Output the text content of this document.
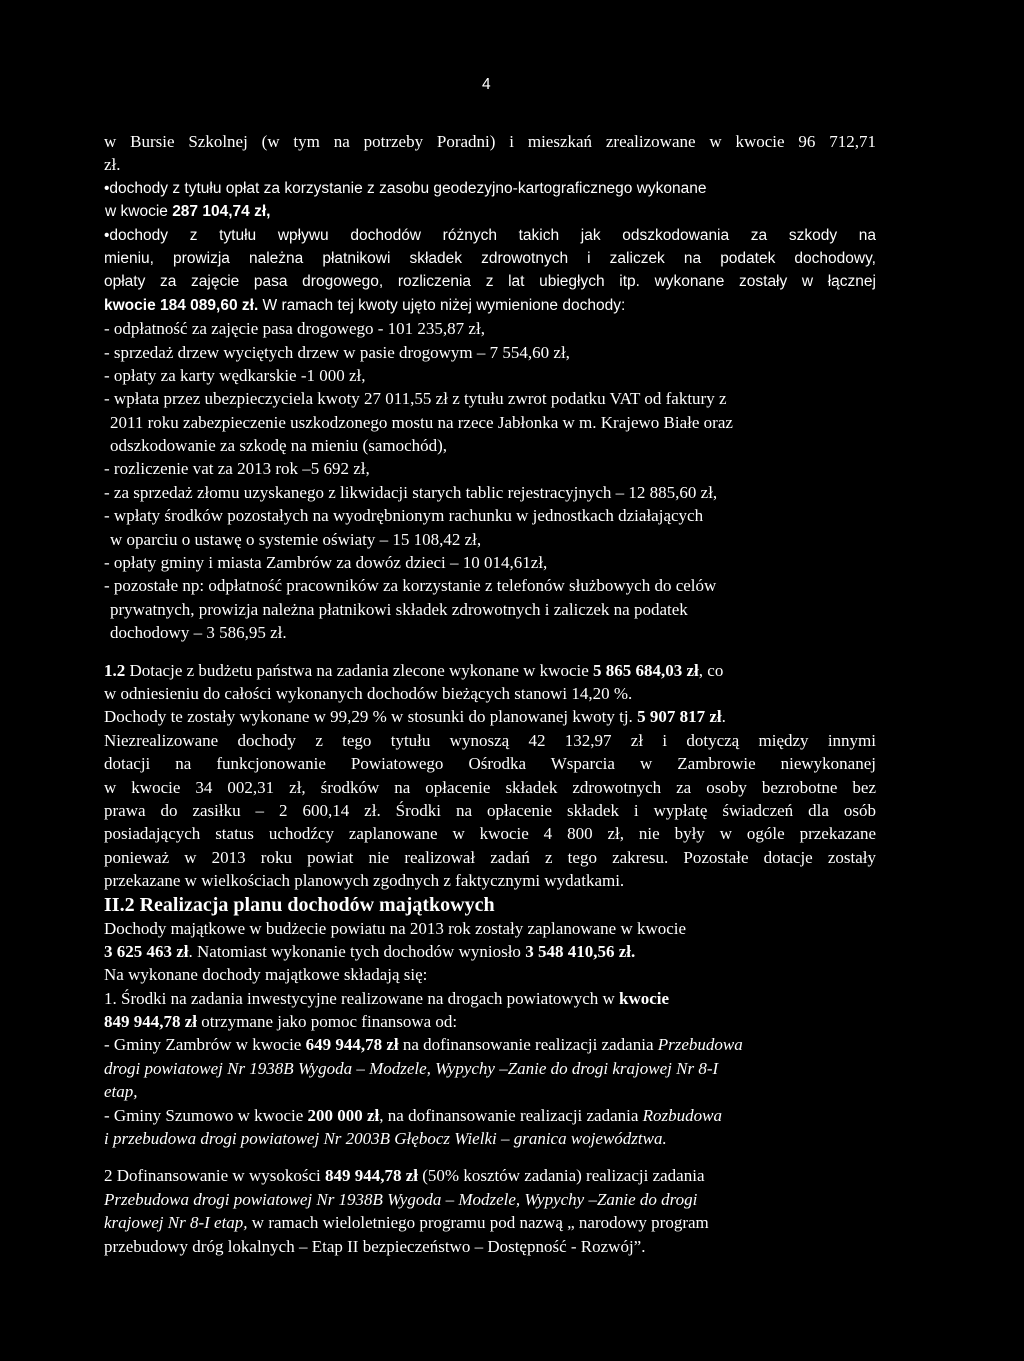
4
w Bursie Szkolnej (w tym na potrzeby Poradni) i mieszkań zrealizowane w kwocie 96 712,71
zł.
•dochody z tytułu opłat za korzystanie z zasobu geodezyjno-kartograficznego wykonane
w kwocie 287 104,74 zł,
•dochody z tytułu wpływu dochodów różnych takich jak odszkodowania za szkody na
mieniu, prowizja należna płatnikowi składek zdrowotnych i zaliczek na podatek dochodowy,
opłaty za zajęcie pasa drogowego, rozliczenia z lat ubiegłych itp. wykonane zostały w łącznej
kwocie 184 089,60 zł. W ramach tej kwoty ujęto niżej wymienione dochody:
- odpłatność za zajęcie pasa drogowego - 101 235,87 zł,
- sprzedaż drzew wyciętych drzew w pasie drogowym – 7 554,60 zł,
- opłaty za karty wędkarskie -1 000 zł,
- wpłata przez ubezpieczyciela kwoty 27 011,55 zł z tytułu zwrot podatku VAT od faktury z
2011 roku zabezpieczenie uszkodzonego mostu na rzece Jabłonka w m. Krajewo Białe oraz
odszkodowanie za szkodę na mieniu (samochód),
- rozliczenie vat za 2013 rok –5 692 zł,
- za sprzedaż złomu uzyskanego z likwidacji starych tablic rejestracyjnych – 12 885,60 zł,
- wpłaty środków pozostałych na wyodrębnionym rachunku w jednostkach działających
w oparciu o ustawę o systemie oświaty – 15 108,42 zł,
- opłaty gminy i miasta Zambrów za dowóz dzieci – 10 014,61zł,
- pozostałe np: odpłatność pracowników za korzystanie z telefonów służbowych do celów
prywatnych, prowizja należna płatnikowi składek zdrowotnych i zaliczek na podatek
dochodowy – 3 586,95 zł.
1.2 Dotacje z budżetu państwa na zadania zlecone wykonane w kwocie 5 865 684,03 zł, co
w odniesieniu do całości wykonanych dochodów bieżących stanowi 14,20 %.
Dochody te zostały wykonane w 99,29 % w stosunki do planowanej kwoty tj. 5 907 817 zł.
Niezrealizowane dochody z tego tytułu wynoszą 42 132,97 zł i dotyczą między innymi
dotacji na funkcjonowanie Powiatowego Ośrodka Wsparcia w Zambrowie niewykonanej
w kwocie 34 002,31 zł, środków na opłacenie składek zdrowotnych za osoby bezrobotne bez
prawa do zasiłku – 2 600,14 zł. Środki na opłacenie składek i wypłatę świadczeń dla osób
posiadających status uchodźcy zaplanowane w kwocie 4 800 zł, nie były w ogóle przekazane
ponieważ w 2013 roku powiat nie realizował zadań z tego zakresu. Pozostałe dotacje zostały
przekazane w wielkościach planowych zgodnych z faktycznymi wydatkami.
II.2 Realizacja planu dochodów majątkowych
Dochody majątkowe w budżecie powiatu na 2013 rok zostały zaplanowane w kwocie
3 625 463 zł. Natomiast wykonanie tych dochodów wyniosło 3 548 410,56 zł.
Na wykonane dochody majątkowe składają się:
1. Środki na zadania inwestycyjne realizowane na drogach powiatowych w kwocie
849 944,78 zł otrzymane jako pomoc finansowa od:
- Gminy Zambrów w kwocie 649 944,78 zł na dofinansowanie realizacji zadania Przebudowa
drogi powiatowej Nr 1938B Wygoda – Modzele, Wypychy –Zanie do drogi krajowej Nr 8-I
etap,
- Gminy Szumowo w kwocie 200 000 zł, na dofinansowanie realizacji zadania Rozbudowa
i przebudowa drogi powiatowej Nr 2003B Głębocz Wielki – granica województwa.
2 Dofinansowanie w wysokości 849 944,78 zł (50% kosztów zadania) realizacji zadania
Przebudowa drogi powiatowej Nr 1938B Wygoda – Modzele, Wypychy –Zanie do drogi
krajowej Nr 8-I etap, w ramach wieloletniego programu pod nazwą „ narodowy program
przebudowy dróg lokalnych – Etap II bezpieczeństwo – Dostępność - Rozwój”.
